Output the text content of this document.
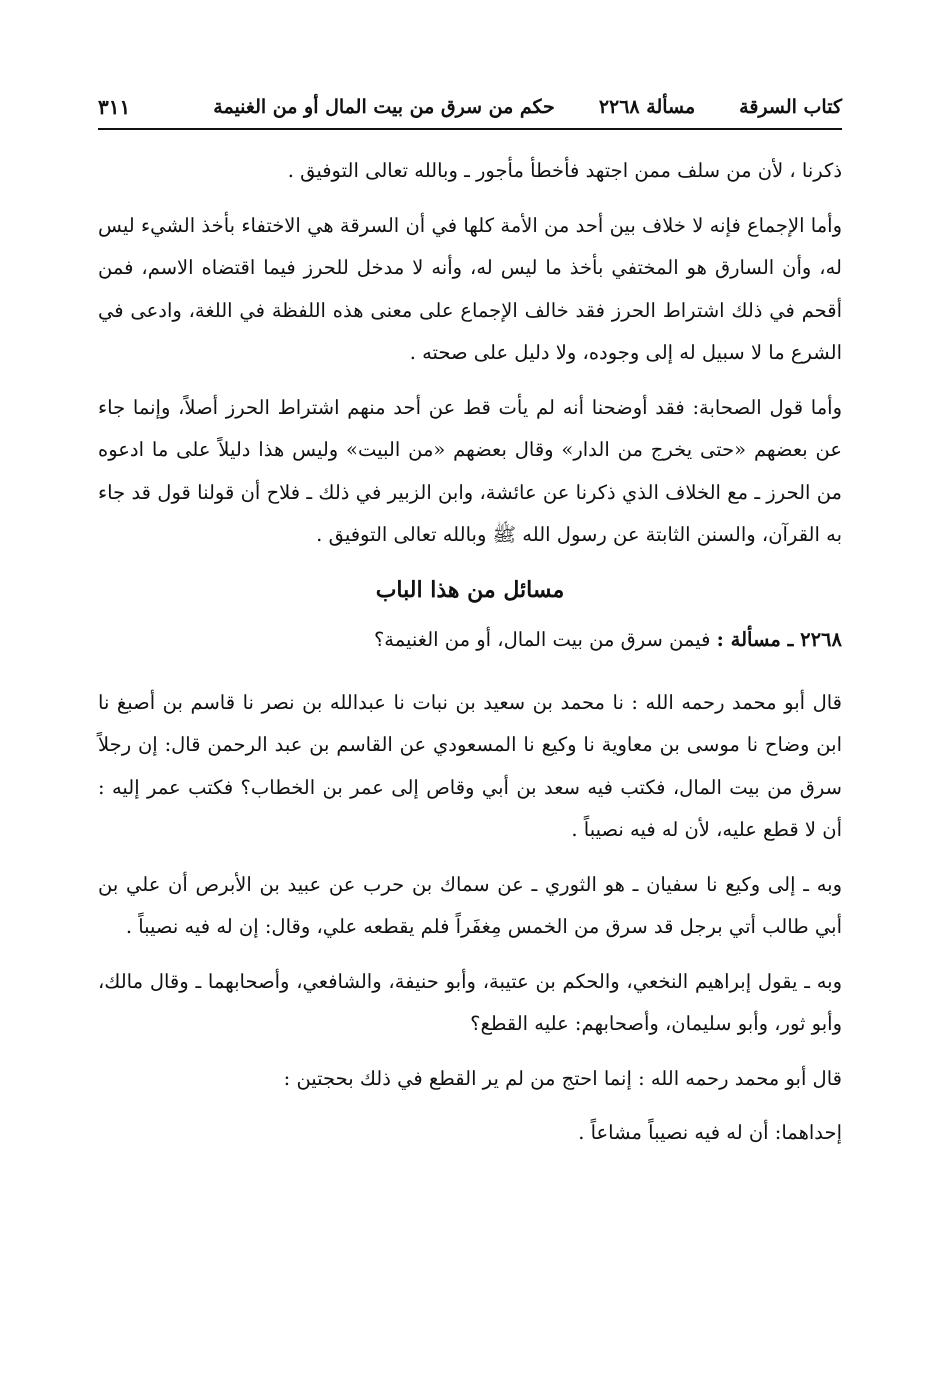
كتاب السرقة
مسألة ٢٢٦٨
حكم من سرق من بيت المال أو من الغنيمة
٣١١

ذكرنا ، لأن من سلف ممن اجتهد فأخطأ مأجور ـ وبالله تعالى التوفيق .

وأما الإجماع فإنه لا خلاف بين أحد من الأمة كلها في أن السرقة هي الاختفاء بأخذ الشيء ليس له، وأن السارق هو المختفي بأخذ ما ليس له، وأنه لا مدخل للحرز فيما اقتضاه الاسم، فمن أقحم في ذلك اشتراط الحرز فقد خالف الإجماع على معنى هذه اللفظة في اللغة، وادعى في الشرع ما لا سبيل له إلى وجوده، ولا دليل على صحته .

وأما قول الصحابة: فقد أوضحنا أنه لم يأت قط عن أحد منهم اشتراط الحرز أصلاً، وإنما جاء عن بعضهم «حتى يخرج من الدار» وقال بعضهم «من البيت» وليس هذا دليلاً على ما ادعوه من الحرز ـ مع الخلاف الذي ذكرنا عن عائشة، وابن الزبير في ذلك ـ فلاح أن قولنا قول قد جاء به القرآن، والسنن الثابتة عن رسول الله ﷺ وبالله تعالى التوفيق .

مسائل من هذا الباب

٢٢٦٨ ـ مسألة : فيمن سرق من بيت المال، أو من الغنيمة؟

قال أبو محمد رحمه الله : نا محمد بن سعيد بن نبات نا عبدالله بن نصر نا قاسم بن أصبغ نا ابن وضاح نا موسى بن معاوية نا وكيع نا المسعودي عن القاسم بن عبد الرحمن قال: إن رجلاً سرق من بيت المال، فكتب فيه سعد بن أبي وقاص إلى عمر بن الخطاب؟ فكتب عمر إليه : أن لا قطع عليه، لأن له فيه نصيباً .

وبه ـ إلى وكيع نا سفيان ـ هو الثوري ـ عن سماك بن حرب عن عبيد بن الأبرص أن علي بن أبي طالب أتي برجل قد سرق من الخمس مِغفَراً فلم يقطعه علي، وقال: إن له فيه نصيباً .

وبه ـ يقول إبراهيم النخعي، والحكم بن عتيبة، وأبو حنيفة، والشافعي، وأصحابهما ـ وقال مالك، وأبو ثور، وأبو سليمان، وأصحابهم: عليه القطع؟

قال أبو محمد رحمه الله : إنما احتج من لم ير القطع في ذلك بحجتين :

إحداهما: أن له فيه نصيباً مشاعاً .
